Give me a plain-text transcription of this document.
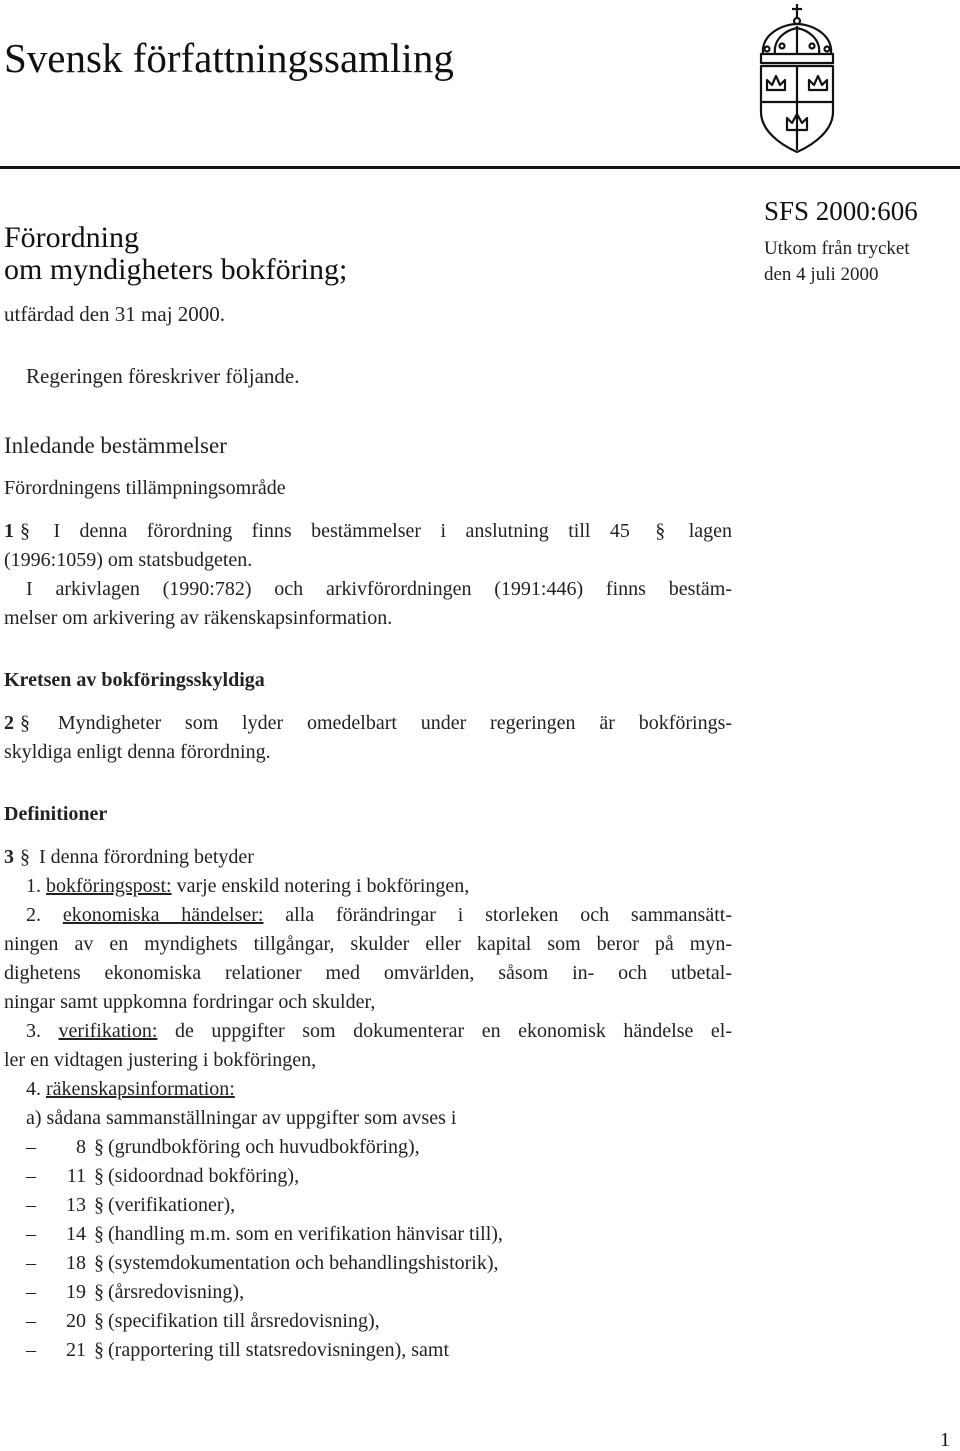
Svensk författningssamling
SFS 2000:606
Utkom från trycket
den 4 juli 2000
Förordning
om myndigheters bokföring;
utfärdad den 31 maj 2000.
Regeringen föreskriver följande.
Inledande bestämmelser
Förordningens tillämpningsområde
1 § I denna förordning finns bestämmelser i anslutning till 45 § lagen
(1996:1059) om statsbudgeten.
I arkivlagen (1990:782) och arkivförordningen (1991:446) finns bestäm-
melser om arkivering av räkenskapsinformation.
Kretsen av bokföringsskyldiga
2 § Myndigheter som lyder omedelbart under regeringen är bokförings-
skyldiga enligt denna förordning.
Definitioner
3 § I denna förordning betyder
1. bokföringspost: varje enskild notering i bokföringen,
2. ekonomiska händelser: alla förändringar i storleken och sammansätt-
ningen av en myndighets tillgångar, skulder eller kapital som beror på myn-
dighetens ekonomiska relationer med omvärlden, såsom in- och utbetal-
ningar samt uppkomna fordringar och skulder,
3. verifikation: de uppgifter som dokumenterar en ekonomisk händelse el-
ler en vidtagen justering i bokföringen,
4. räkenskapsinformation:
a) sådana sammanställningar av uppgifter som avses i
– 8 § (grundbokföring och huvudbokföring),
– 11 § (sidoordnad bokföring),
– 13 § (verifikationer),
– 14 § (handling m.m. som en verifikation hänvisar till),
– 18 § (systemdokumentation och behandlingshistorik),
– 19 § (årsredovisning),
– 20 § (specifikation till årsredovisning),
– 21 § (rapportering till statsredovisningen), samt
1
